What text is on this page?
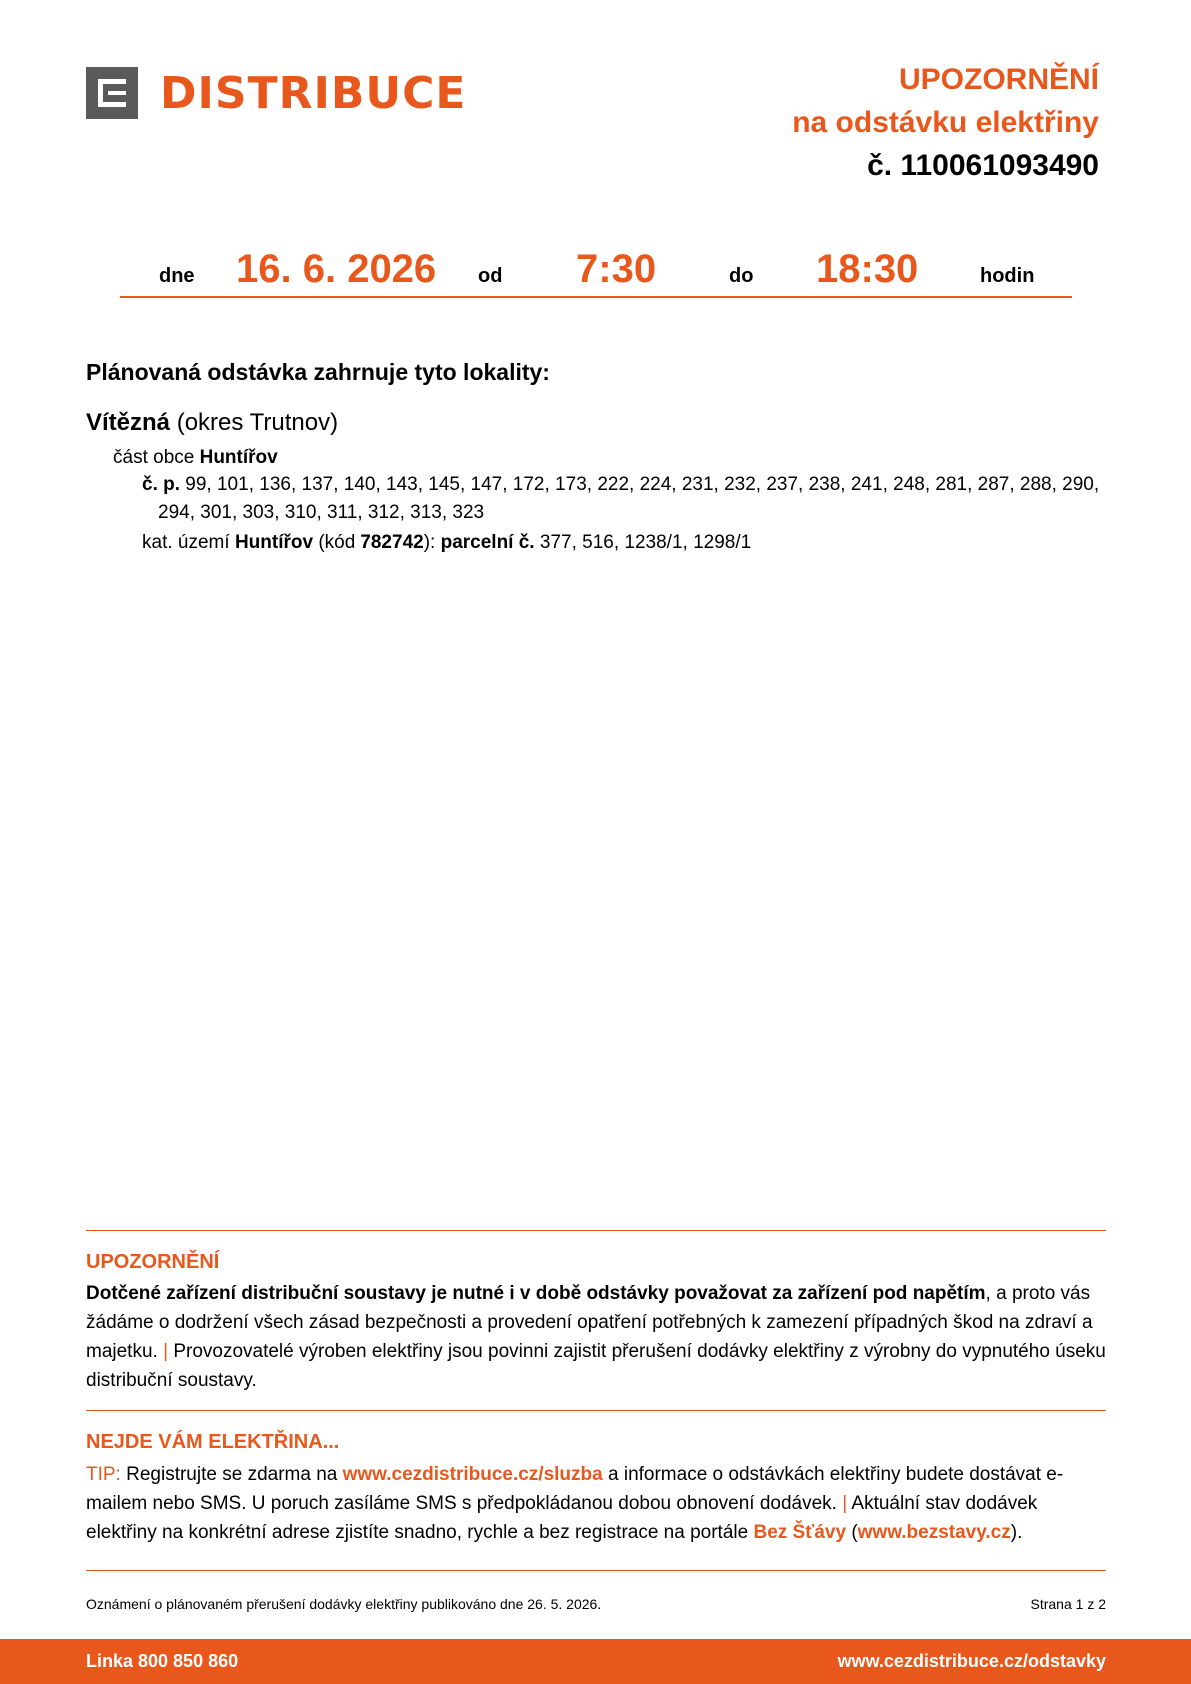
DISTRIBUCE	UPOZORNĚNÍ
na odstávku elektřiny
č. 110061093490
dne 16. 6. 2026 od 7:30	do 18:30	hodin
Plánovaná odstávka zahrnuje tyto lokality:
Vítězná (okres Trutnov)
část obce Huntířov
č. p. 99, 101, 136, 137, 140, 143, 145, 147, 172, 173, 222, 224, 231, 232, 237, 238, 241, 248, 281, 287, 288, 290, 294, 301, 303, 310, 311, 312, 313, 323
kat. území Huntířov (kód 782742): parcelní č. 377, 516, 1238/1, 1298/1
UPOZORNĚNÍ
Dotčené zařízení distribuční soustavy je nutné i v době odstávky považovat za zařízení pod napětím, a proto vás žádáme o dodržení všech zásad bezpečnosti a provedení opatření potřebných k zamezení případných škod na zdraví a majetku. | Provozovatelé výroben elektřiny jsou povinni zajistit přerušení dodávky elektřiny z výrobny do vypnutého úseku distribuční soustavy.
NEJDE VÁM ELEKTŘINA...
TIP: Registrujte se zdarma na www.cezdistribuce.cz/sluzba a informace o odstávkách elektřiny budete dostávat e-mailem nebo SMS. U poruch zasíláme SMS s předpokládanou dobou obnovení dodávek. | Aktuální stav dodávek elektřiny na konkrétní adrese zjistíte snadno, rychle a bez registrace na portále Bez Šťávy (www.bezstavy.cz).
Oznámení o plánovaném přerušení dodávky elektřiny publikováno dne 26. 5. 2026.	Strana 1 z 2
Linka 800 850 860	www.cezdistribuce.cz/odstavky
